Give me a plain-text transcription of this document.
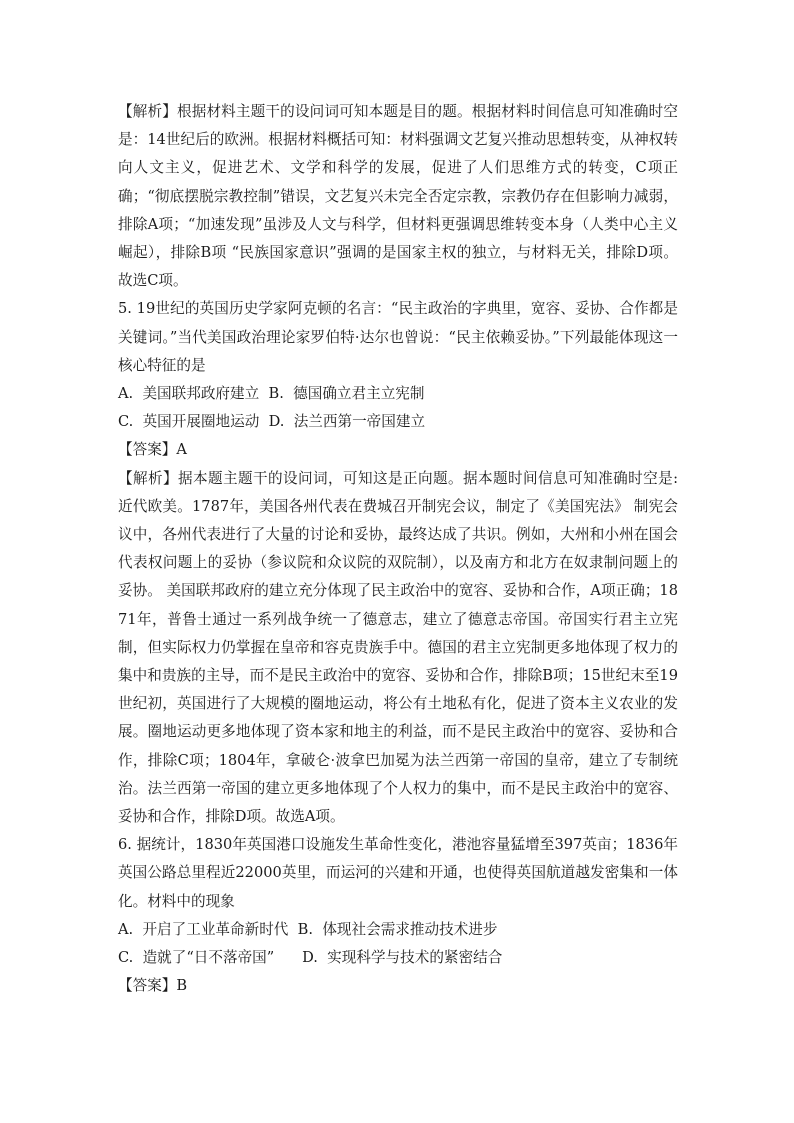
【解析】根据材料主题干的设问词可知本题是目的题。根据材料时间信息可知准确时空是：14世纪后的欧洲。根据材料概括可知：材料强调文艺复兴推动思想转变，从神权转向人文主义，促进艺术、文学和科学的发展，促进了人们思维方式的转变，C项正确；“彻底摆脱宗教控制”错误，文艺复兴未完全否定宗教，宗教仍存在但影响力减弱，排除A项；“加速发现”虽涉及人文与科学，但材料更强调思维转变本身（人类中心主义崛起），排除B项 “民族国家意识”强调的是国家主权的独立，与材料无关，排除D项。故选C项。

5. 19世纪的英国历史学家阿克顿的名言：“民主政治的字典里，宽容、妥协、合作都是关键词。”当代美国政治理论家罗伯特·达尔也曾说：“民主依赖妥协。”下列最能体现这一核心特征的是

A.  美国联邦政府建立  B.  德国确立君主立宪制

C.  英国开展圈地运动  D.  法兰西第一帝国建立

【答案】A

【解析】据本题主题干的设问词，可知这是正向题。据本题时间信息可知准确时空是: 近代欧美。1787年，美国各州代表在费城召开制宪会议，制定了《美国宪法》 制宪会议中，各州代表进行了大量的讨论和妥协，最终达成了共识。例如，大州和小州在国会代表权问题上的妥协（参议院和众议院的双院制），以及南方和北方在奴隶制问题上的妥协。 美国联邦政府的建立充分体现了民主政治中的宽容、妥协和合作，A项正确；1871年，普鲁士通过一系列战争统一了德意志，建立了德意志帝国。帝国实行君主立宪制，但实际权力仍掌握在皇帝和容克贵族手中。德国的君主立宪制更多地体现了权力的集中和贵族的主导，而不是民主政治中的宽容、妥协和合作，排除B项；15世纪末至19世纪初，英国进行了大规模的圈地运动，将公有土地私有化，促进了资本主义农业的发展。圈地运动更多地体现了资本家和地主的利益，而不是民主政治中的宽容、妥协和合作，排除C项；1804年，拿破仑·波拿巴加冕为法兰西第一帝国的皇帝，建立了专制统治。法兰西第一帝国的建立更多地体现了个人权力的集中，而不是民主政治中的宽容、妥协和合作，排除D项。故选A项。

6. 据统计，1830年英国港口设施发生革命性变化，港池容量猛增至397英亩；1836年英国公路总里程近22000英里，而运河的兴建和开通，也使得英国航道越发密集和一体化。材料中的现象

A.  开启了工业革命新时代  B.  体现社会需求推动技术进步

C.  造就了“日不落帝国”      D.  实现科学与技术的紧密结合

【答案】B
